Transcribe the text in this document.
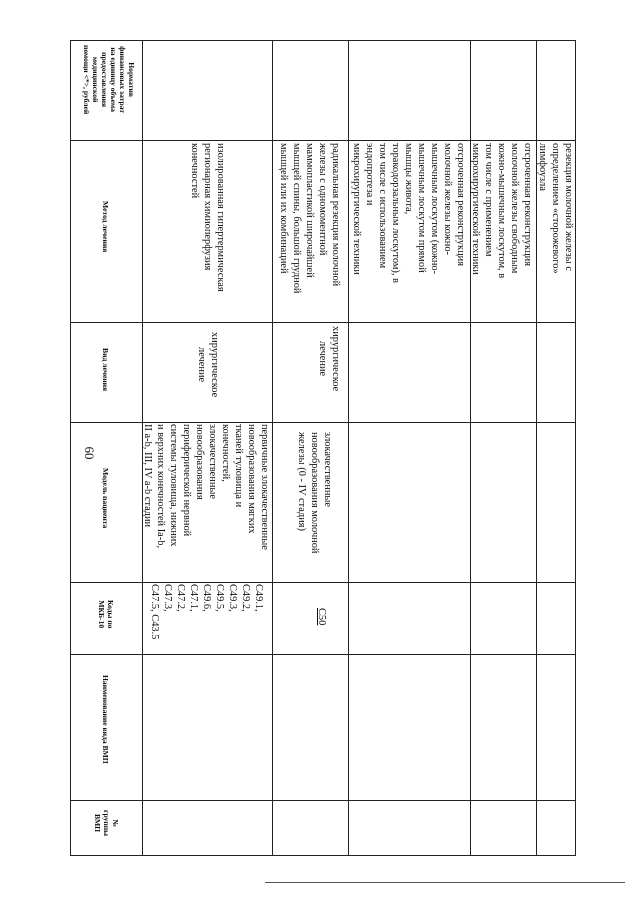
60
Норматив
финансовых затрат
на единицу объема
предоставления
медицинской
помощи <*>, рублей
Метод лечения
Вид лечения
Модель пациента
Коды по
МКБ-10
Наименование вида ВМП
№
группы
ВМП
изолированная гипертермическая
регионарная химиоперфузия
конечностей
хирургическое
лечение
первичные злокачественные
новообразования мягких
тканей туловища и
конечностей,
злокачественные
новообразования
периферической нервной
системы туловища, нижних
и верхних конечностей Ia-b,
II a-b, III, IV a-b стадии
C49.1,
C49.2,
C49.3,
C49.5,
C49.6,
C47.1,
C47.2,
C47.3,
C47.5, C43.5
радикальная резекция молочной
железы с одномоментной
маммопластикой широчайшей
мышцей спины, большой грудной
мышцей или их комбинацией
хирургическое
лечение
злокачественные
новообразования молочной
железы (0 - IV стадия)
C50
отсроченная реконструкция
молочной железы кожно-
мышечным лоскутом (кожно-
мышечным лоскутом прямой
мышцы живота,
торакодорзальным лоскутом), в
том числе с использованием
эндопротеза и
микрохирургической техники	отсроченная реконструкция
молочной железы свободным
кожно-мышечным лоскутом, в
том числе с применением
микрохирургической техники	резекция молочной железы с
определением «сторожевого»
лимфоузла
